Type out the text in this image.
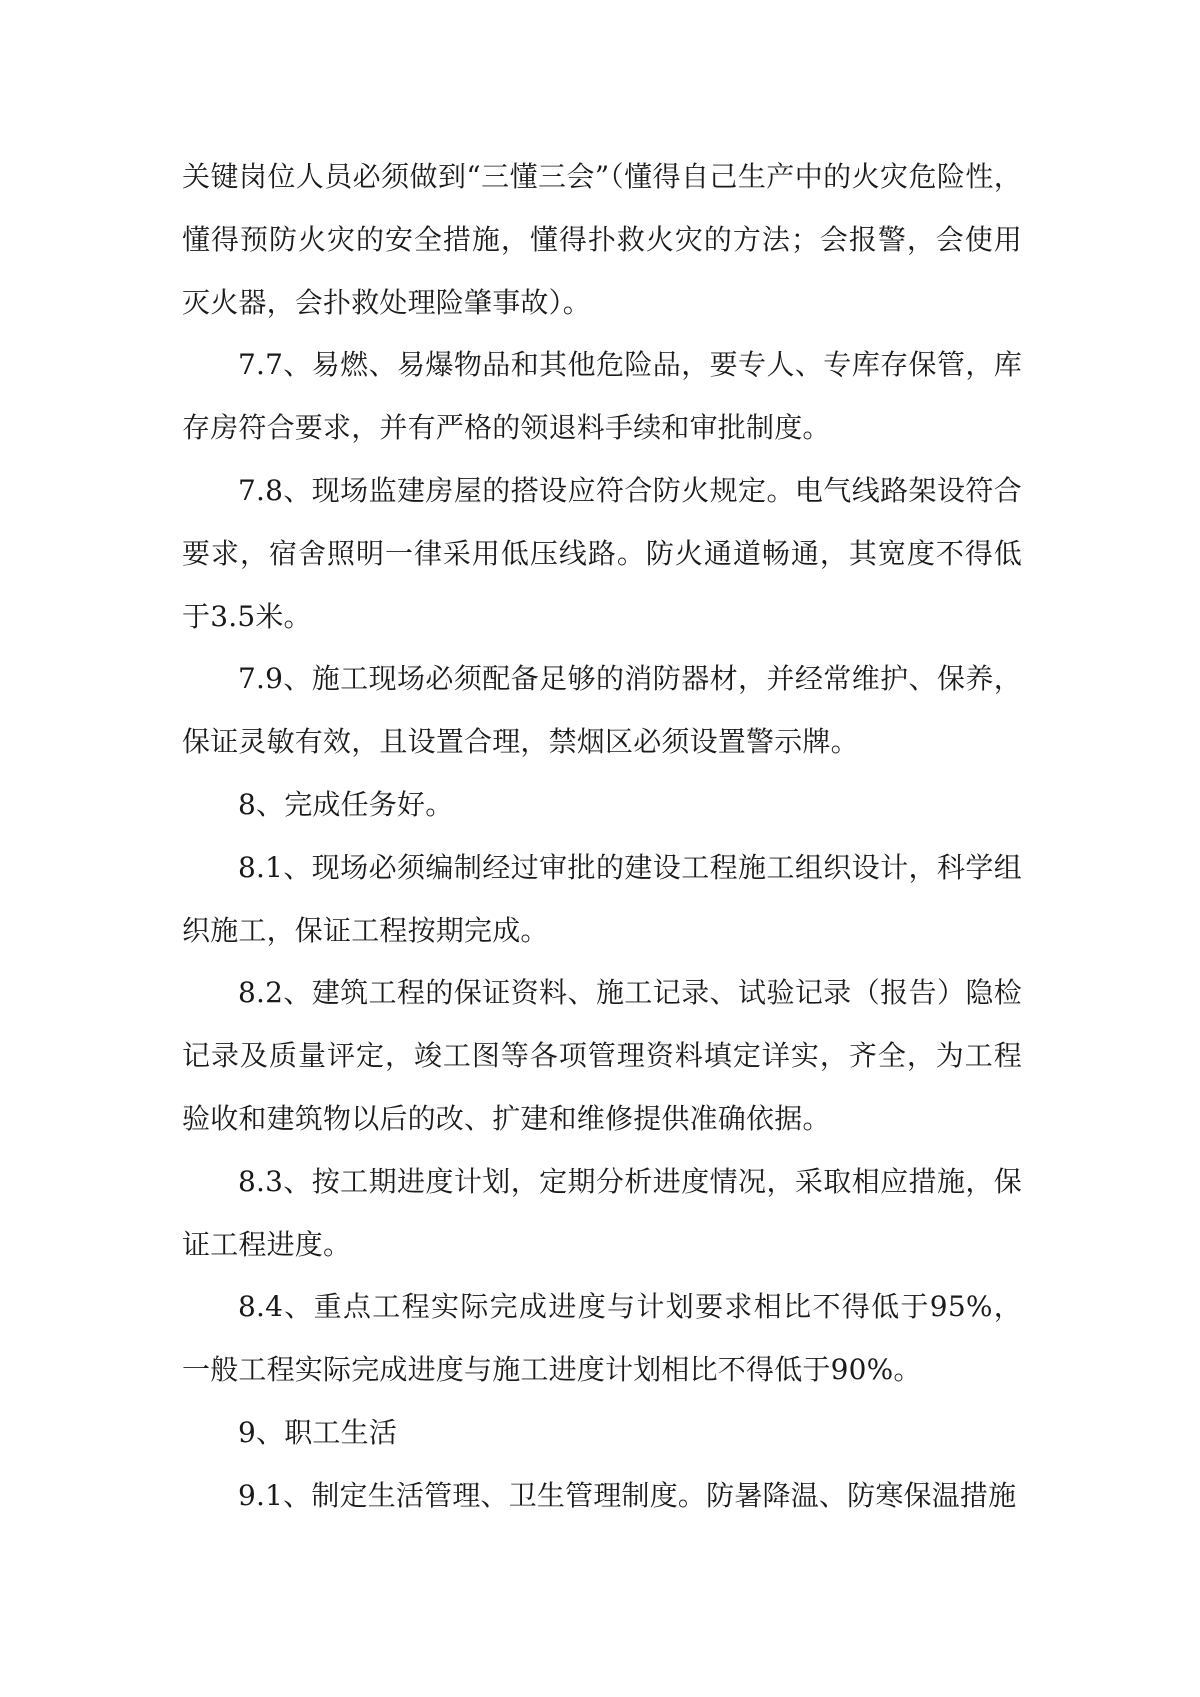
关键岗位人员必须做到“三懂三会”（懂得自己生产中的火灾危险性，懂得预防火灾的安全措施，懂得扑救火灾的方法；会报警，会使用灭火器，会扑救处理险肇事故）。

7.7、易燃、易爆物品和其他危险品，要专人、专库存保管，库存房符合要求，并有严格的领退料手续和审批制度。

7.8、现场监建房屋的搭设应符合防火规定。电气线路架设符合要求，宿舍照明一律采用低压线路。防火通道畅通，其宽度不得低于3.5米。

7.9、施工现场必须配备足够的消防器材，并经常维护、保养，保证灵敏有效，且设置合理，禁烟区必须设置警示牌。

8、完成任务好。

8.1、现场必须编制经过审批的建设工程施工组织设计，科学组织施工，保证工程按期完成。

8.2、建筑工程的保证资料、施工记录、试验记录（报告）隐检记录及质量评定，竣工图等各项管理资料填定详实，齐全，为工程验收和建筑物以后的改、扩建和维修提供准确依据。

8.3、按工期进度计划，定期分析进度情况，采取相应措施，保证工程进度。

8.4、重点工程实际完成进度与计划要求相比不得低于95%，一般工程实际完成进度与施工进度计划相比不得低于90%。

9、职工生活

9.1、制定生活管理、卫生管理制度。防暑降温、防寒保温措施
